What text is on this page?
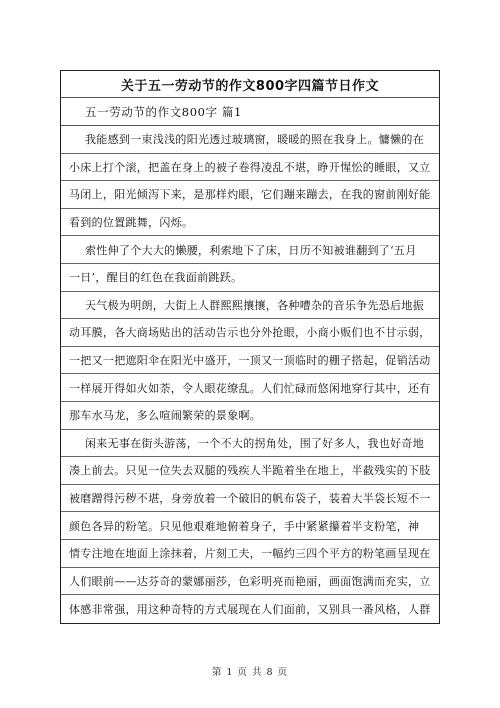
关于五一劳动节的作文800字四篇节日作文
五一劳动节的作文800字 篇1
我能感到一束浅浅的阳光透过玻璃窗，暖暖的照在我身上。慵懒的在
小床上打个滚，把盖在身上的被子卷得凌乱不堪，睁开惺忪的睡眼，又立
马闭上，阳光倾泻下来，是那样灼眼，它们蹦来蹦去，在我的窗前刚好能
看到的位置跳舞，闪烁。
索性伸了个大大的懒腰，利索地下了床，日历不知被谁翻到了‘五月
一日’，醒目的红色在我面前跳跃。
天气极为明朗，大街上人群熙熙攘攘，各种嘈杂的音乐争先恐后地振
动耳膜，各大商场贴出的活动告示也分外抢眼，小商小贩们也不甘示弱，
一把又一把遮阳伞在阳光中盛开，一顶又一顶临时的棚子搭起，促销活动
一样展开得如火如荼，令人眼花缭乱。人们忙碌而悠闲地穿行其中，还有
那车水马龙，多么喧闹繁荣的景象啊。
闲来无事在街头游荡，一个不大的拐角处，围了好多人，我也好奇地
凑上前去。只见一位失去双腿的残疾人半跪着坐在地上，半截残实的下肢
被磨蹭得污秽不堪，身旁放着一个破旧的帆布袋子，装着大半袋长短不一
颜色各异的粉笔。只见他艰难地俯着身子，手中紧紧攥着半支粉笔，神
情专注地在地面上涂抹着，片刻工夫，一幅约三四个平方的粉笔画呈现在
人们眼前——达芬奇的蒙娜丽莎，色彩明亮而艳丽，画面饱满而充实，立
体感非常强，用这种奇特的方式展现在人们面前，又别具一番风格，人群
第 1 页 共 8 页
